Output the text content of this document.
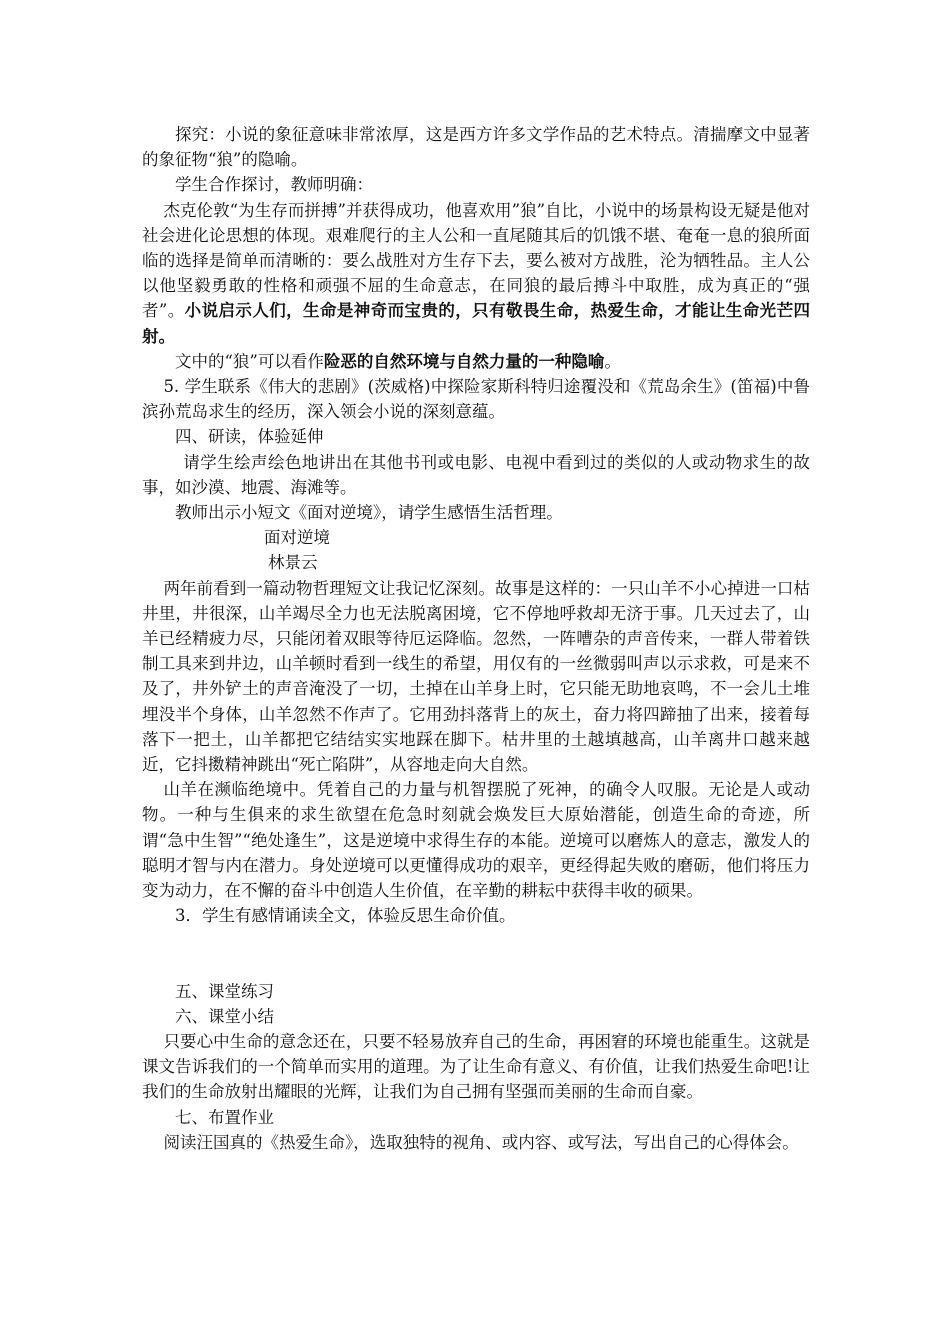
探究：小说的象征意味非常浓厚，这是西方许多文学作品的艺术特点。清揣摩文中显著的象征物“狼”的隐喻。

学生合作探讨，教师明确：

杰克伦敦“为生存而拼搏”并获得成功，他喜欢用”狼”自比，小说中的场景构设无疑是他对社会进化论思想的体现。艰难爬行的主人公和一直尾随其后的饥饿不堪、奄奄一息的狼所面临的选择是简单而清晰的：要么战胜对方生存下去，要么被对方战胜，沦为牺牲品。主人公以他坚毅勇敢的性格和顽强不屈的生命意志，在同狼的最后搏斗中取胜，成为真正的“强者”。小说启示人们，生命是神奇而宝贵的，只有敬畏生命，热爱生命，才能让生命光芒四射。

文中的“狼”可以看作险恶的自然环境与自然力量的一种隐喻。

5. 学生联系《伟大的悲剧》(茨威格)中探险家斯科特归途覆没和《荒岛余生》(笛福)中鲁滨孙荒岛求生的经历，深入领会小说的深刻意蕴。

四、研读，体验延伸

请学生绘声绘色地讲出在其他书刊或电影、电视中看到过的类似的人或动物求生的故事，如沙漠、地震、海滩等。

教师出示小短文《面对逆境》，请学生感悟生活哲理。

面对逆境

林景云

两年前看到一篇动物哲理短文让我记忆深刻。故事是这样的：一只山羊不小心掉进一口枯井里，井很深，山羊竭尽全力也无法脱离困境，它不停地呼救却无济于事。几天过去了，山羊已经精疲力尽，只能闭着双眼等待厄运降临。忽然，一阵嘈杂的声音传来，一群人带着铁制工具来到井边，山羊顿时看到一线生的希望，用仅有的一丝微弱叫声以示求救，可是来不及了，井外铲土的声音淹没了一切，土掉在山羊身上时，它只能无助地哀鸣，不一会儿土堆埋没半个身体，山羊忽然不作声了。它用劲抖落背上的灰土，奋力将四蹄抽了出来，接着每落下一把土，山羊都把它结结实实地踩在脚下。枯井里的土越填越高，山羊离井口越来越近，它抖擞精神跳出“死亡陷阱”，从容地走向大自然。

山羊在濒临绝境中。凭着自己的力量与机智摆脱了死神，的确令人叹服。无论是人或动物。一种与生俱来的求生欲望在危急时刻就会焕发巨大原始潜能，创造生命的奇迹，所谓“急中生智”“绝处逢生”，这是逆境中求得生存的本能。逆境可以磨炼人的意志，激发人的聪明才智与内在潜力。身处逆境可以更懂得成功的艰辛，更经得起失败的磨砺，他们将压力变为动力，在不懈的奋斗中创造人生价值，在辛勤的耕耘中获得丰收的硕果。

3．学生有感情诵读全文，体验反思生命价值。

五、课堂练习

六、课堂小结

只要心中生命的意念还在，只要不轻易放弃自己的生命，再困窘的环境也能重生。这就是课文告诉我们的一个简单而实用的道理。为了让生命有意义、有价值，让我们热爱生命吧!让我们的生命放射出耀眼的光辉，让我们为自己拥有坚强而美丽的生命而自豪。

七、布置作业

阅读汪国真的《热爱生命》，选取独特的视角、或内容、或写法，写出自己的心得体会。
